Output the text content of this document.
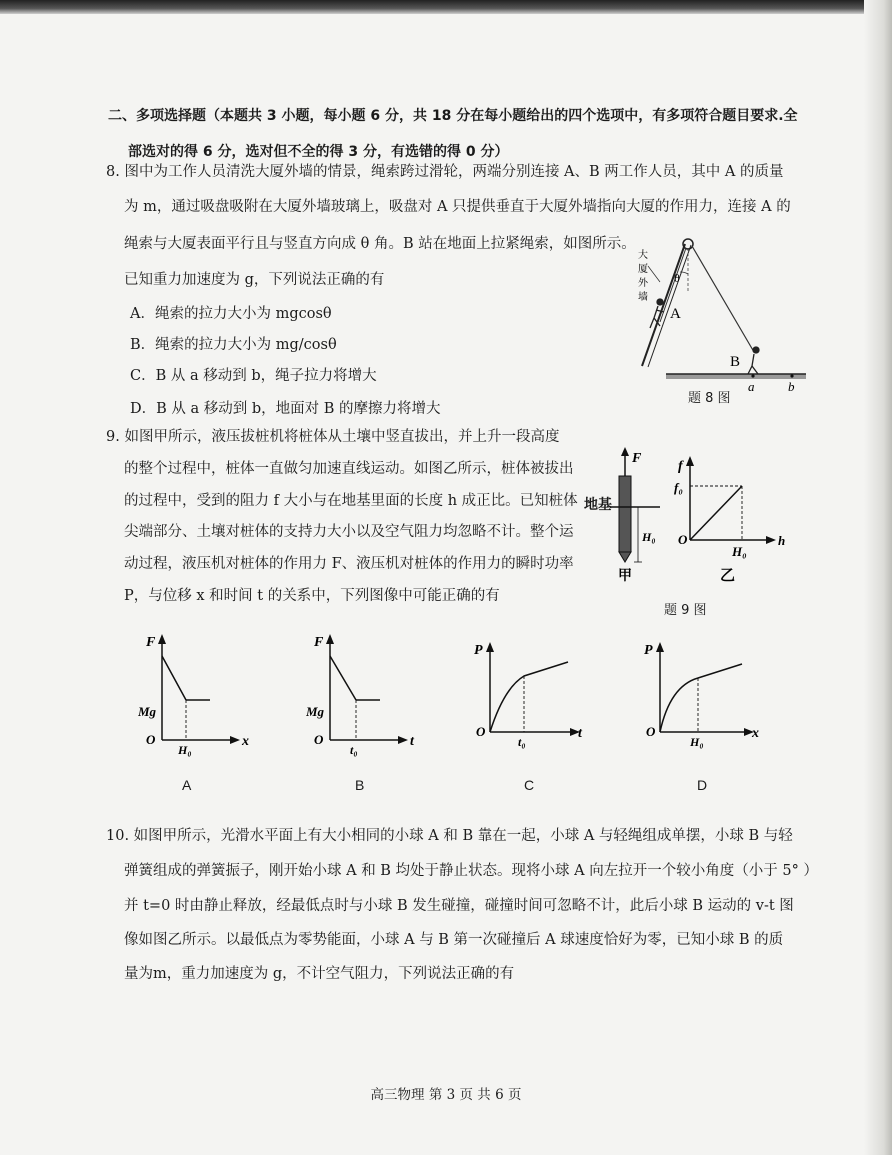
二、多项选择题（本题共 3 小题，每小题 6 分，共 18 分在每小题给出的四个选项中，有多项符合题目要求.全
部选对的得 6 分，选对但不全的得 3 分，有选错的得 0 分）
8. 图中为工作人员清洗大厦外墙的情景，绳索跨过滑轮，两端分别连接 A、B 两工作人员，其中 A 的质量
为 m，通过吸盘吸附在大厦外墙玻璃上，吸盘对 A 只提供垂直于大厦外墙指向大厦的作用力，连接 A 的
绳索与大厦表面平行且与竖直方向成 θ 角。B 站在地面上拉紧绳索，如图所示。
已知重力加速度为 g，下列说法正确的有
A．绳索的拉力大小为 mgcosθ
B．绳索的拉力大小为 mg/cosθ
C．B 从 a 移动到 b，绳子拉力将增大
D．B 从 a 移动到 b，地面对 B 的摩擦力将增大
θ
A
大
厦
外
墙
B
a	b
题 8 图
9. 如图甲所示，液压拔桩机将桩体从土壤中竖直拔出，并上升一段高度
的整个过程中，桩体一直做匀加速直线运动。如图乙所示，桩体被拔出
的过程中，受到的阻力 f 大小与在地基里面的长度 h 成正比。已知桩体
尖端部分、土壤对桩体的支持力大小以及空气阻力均忽略不计。整个运
动过程，液压机对桩体的作用力 F、液压机对桩体的作用力的瞬时功率
P，与位移 x 和时间 t 的关系中，下列图像中可能正确的有
F
H₀
甲
地基
f
f₀
O
H₀
h
乙
题 9 图
F
Mg
O
H₀
x
A
F
Mg
O
t₀
t
B
P
O
t₀
t
C
P
O
H₀
x
D
10. 如图甲所示，光滑水平面上有大小相同的小球 A 和 B 靠在一起，小球 A 与轻绳组成单摆，小球 B 与轻
弹簧组成的弹簧振子，刚开始小球 A 和 B 均处于静止状态。现将小球 A 向左拉开一个较小角度（小于 5° ）
并 t=0 时由静止释放，经最低点时与小球 B 发生碰撞，碰撞时间可忽略不计，此后小球 B 运动的 v-t 图
像如图乙所示。以最低点为零势能面，小球 A 与 B 第一次碰撞后 A 球速度恰好为零，已知小球 B 的质
量为m，重力加速度为 g，不计空气阻力，下列说法正确的有
高三物理 第 3 页 共 6 页
